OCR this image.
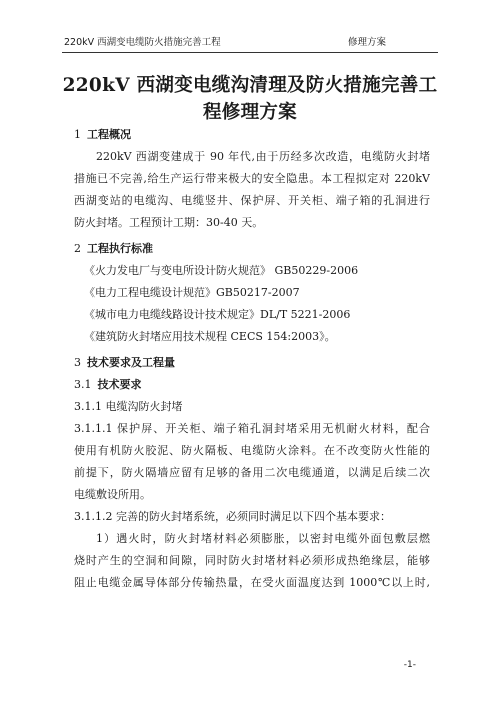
220kV 西湖变电缆防火措施完善工程	修理方案
220kV 西湖变电缆沟清理及防火措施完善工
程修理方案
1 工程概况
220kV 西湖变建成于 90 年代,由于历经多次改造，电缆防火封堵
措施已不完善,给生产运行带来极大的安全隐患。本工程拟定对 220kV
西湖变站的电缆沟、电缆竖井、保护屏、开关柜、端子箱的孔洞进行
防火封堵。工程预计工期：30-40 天。
2 工程执行标准
《火力发电厂与变电所设计防火规范》 GB50229-2006
《电力工程电缆设计规范》GB50217-2007
《城市电力电缆线路设计技术规定》DL/T 5221-2006
《建筑防火封堵应用技术规程 CECS 154:2003》。
3 技术要求及工程量
3.1 技术要求
3.1.1 电缆沟防火封堵
3.1.1.1 保护屏、开关柜、端子箱孔洞封堵采用无机耐火材料，配合
使用有机防火胶泥、防火隔板、电缆防火涂料。在不改变防火性能的
前提下，防火隔墙应留有足够的备用二次电缆通道，以满足后续二次
电缆敷设所用。
3.1.1.2 完善的防火封堵系统，必须同时满足以下四个基本要求：
1）遇火时，防火封堵材料必须膨胀，以密封电缆外面包敷层燃
烧时产生的空洞和间隙，同时防火封堵材料必须形成热绝缘层，能够
阻止电缆金属导体部分传输热量，在受火面温度达到 1000℃以上时,
-1-
